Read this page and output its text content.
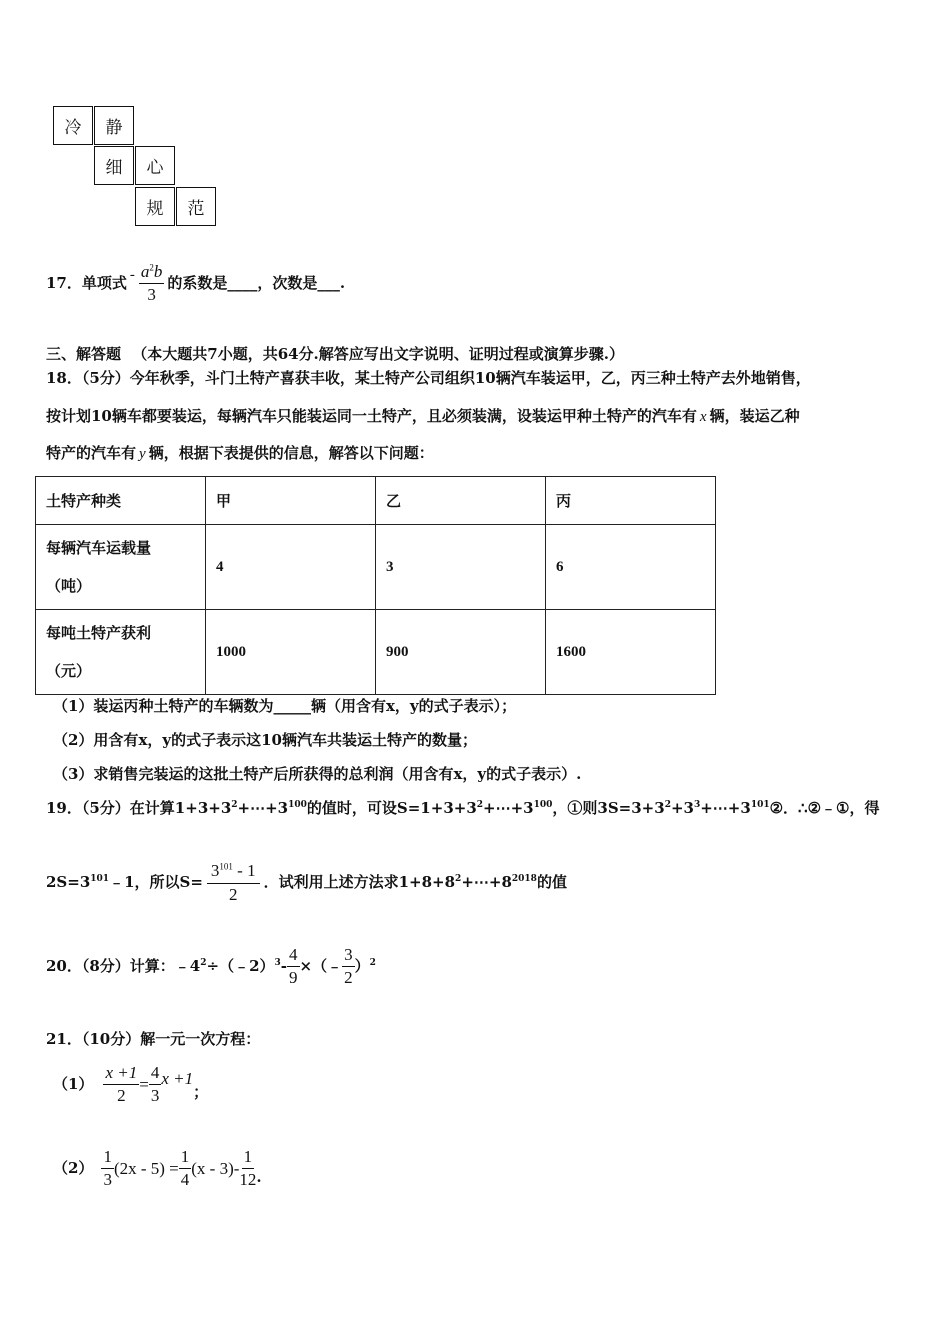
冷	静
细	心
规	范
17． 单项式 - $\frac{a^2b}{3}$ 的系数是____，次数是___.
三、解答题 （本大题共7小题，共64分.解答应写出文字说明、证明过程或演算步骤.）
18．（5分）今年秋季，斗门土特产喜获丰收，某土特产公司组织10辆汽车装运甲，乙，丙三种土特产去外地销售，
按计划10辆车都要装运，每辆汽车只能装运同一土特产，且必须装满，设装运甲种土特产的汽车有 x 辆，装运乙种
特产的汽车有 y 辆，根据下表提供的信息，解答以下问题：
土特产种类	甲	乙	丙

每辆汽车运载量
（吨）	4	3	6

每吨土特产获利
（元）	1000	900	1600
（1）装运丙种土特产的车辆数为_____辆（用含有x，y的式子表示）；
（2）用含有x，y的式子表示这10辆汽车共装运土特产的数量；
（3）求销售完装运的这批土特产后所获得的总利润（用含有x，y的式子表示）.
19．（5分）在计算$1+3+3^2+\cdots+3^{100}$的值时，可设$S=1+3+3^2+\cdots+3^{100}$，①则$3S=3+3^2+3^3+\cdots+3^{101}②$．∴②﹣①，得
$2S=3^{101}﹣1$，所以$S= \frac{3^{101} - 1}{2}$ ．试利用上述方法求$1+8+8^2+\cdots+8^{2018}$的值
20．（8分）计算：$﹣4^2\div(﹣2)^3- \frac{4}{9}$ ×（﹣ $\frac{3}{2} )^2$
21．（10分）解一元一次方程：
$(1) \frac{x +1}{2} = \frac{4}{3}$ x +1
；
$(2) \frac{1}{3} (2x - 5) = \frac{1}{4} (x - 3)- \frac{1}{12}$ .
